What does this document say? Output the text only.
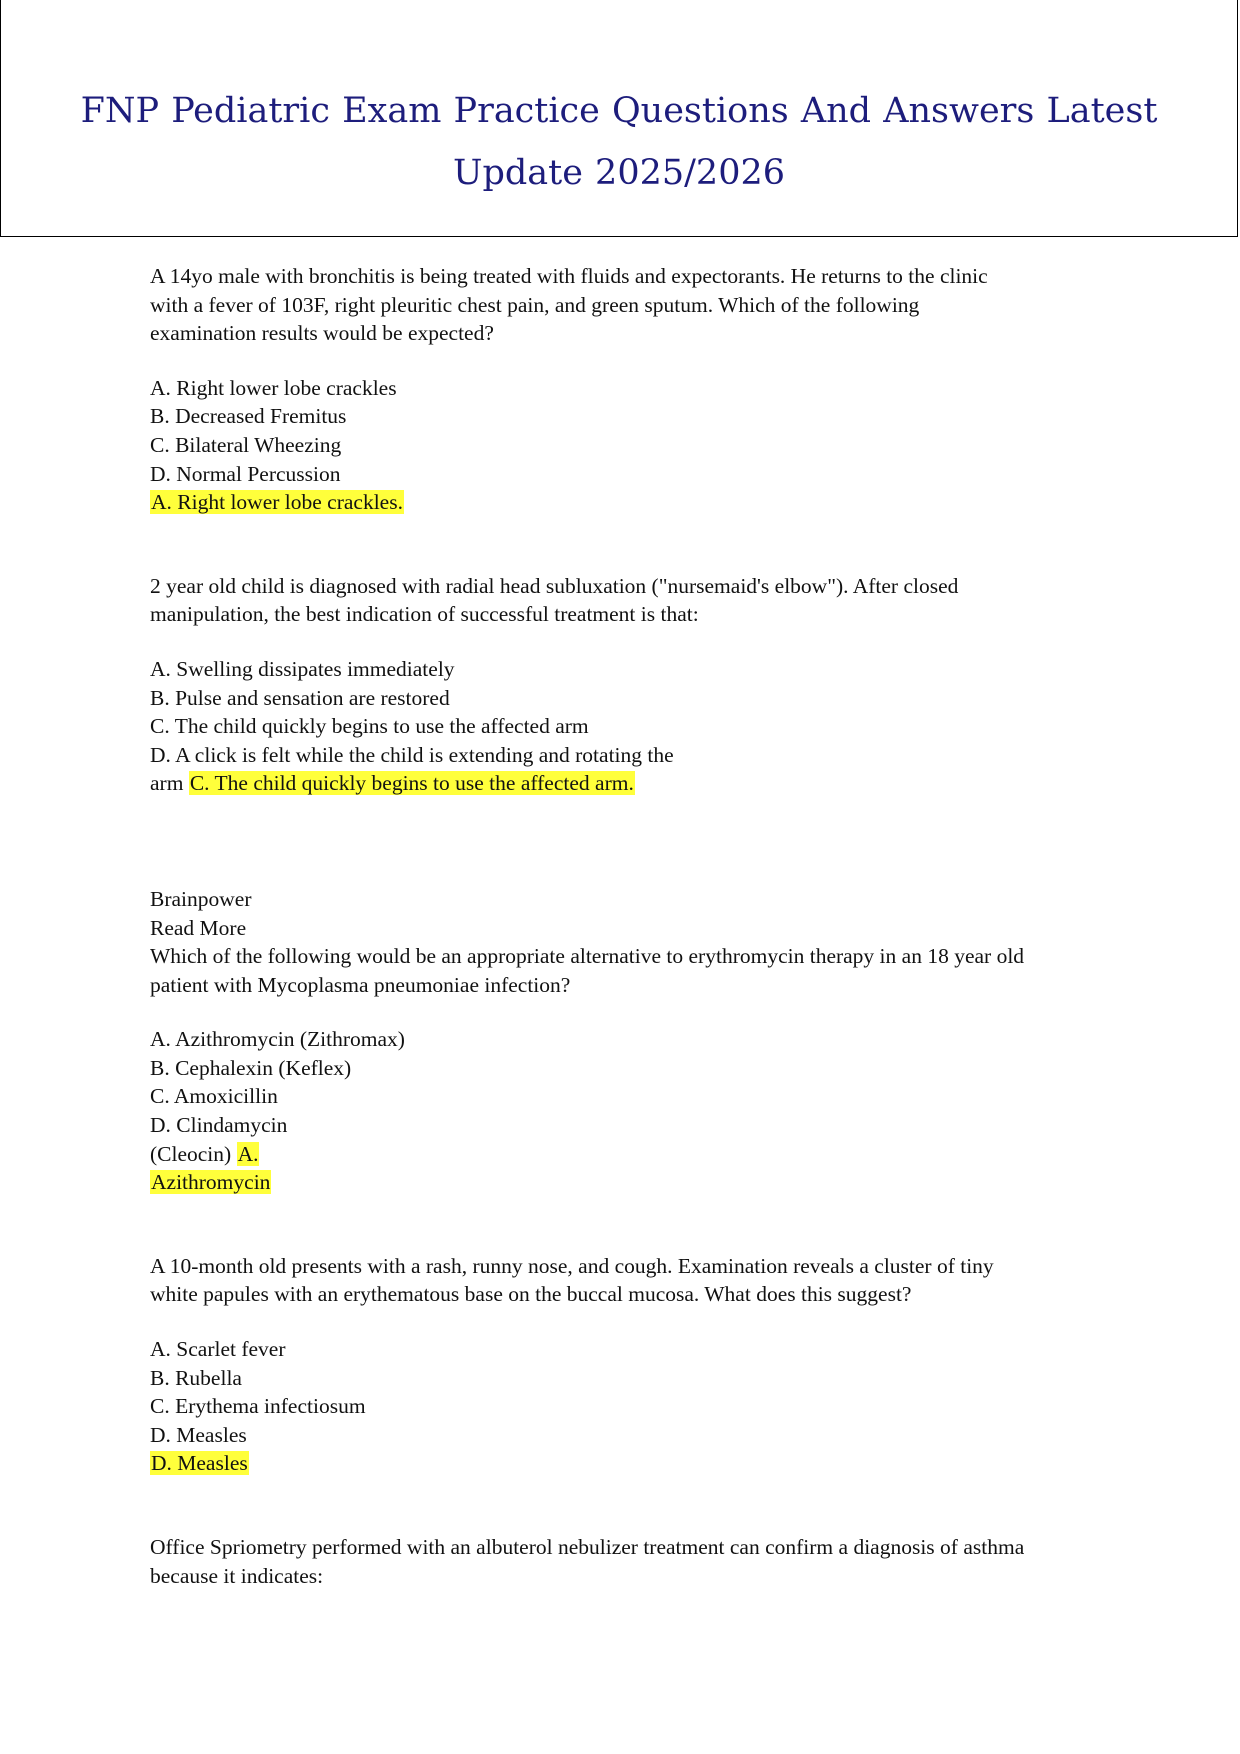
FNP Pediatric Exam Practice Questions And Answers Latest
Update 2025/2026
A 14yo male with bronchitis is being treated with fluids and expectorants. He returns to the clinic
with a fever of 103F, right pleuritic chest pain, and green sputum. Which of the following
examination results would be expected?
A. Right lower lobe crackles
B. Decreased Fremitus
C. Bilateral Wheezing
D. Normal Percussion
A. Right lower lobe crackles.
2 year old child is diagnosed with radial head subluxation ("nursemaid's elbow"). After closed
manipulation, the best indication of successful treatment is that:
A. Swelling dissipates immediately
B. Pulse and sensation are restored
C. The child quickly begins to use the affected arm
D. A click is felt while the child is extending and rotating the
arm C. The child quickly begins to use the affected arm.
Brainpower
Read More
Which of the following would be an appropriate alternative to erythromycin therapy in an 18 year old
patient with Mycoplasma pneumoniae infection?
A. Azithromycin (Zithromax)
B. Cephalexin (Keflex)
C. Amoxicillin
D. Clindamycin
(Cleocin) A.
Azithromycin
A 10-month old presents with a rash, runny nose, and cough. Examination reveals a cluster of tiny
white papules with an erythematous base on the buccal mucosa. What does this suggest?
A. Scarlet fever
B. Rubella
C. Erythema infectiosum
D. Measles
D. Measles
Office Spriometry performed with an albuterol nebulizer treatment can confirm a diagnosis of asthma
because it indicates:
